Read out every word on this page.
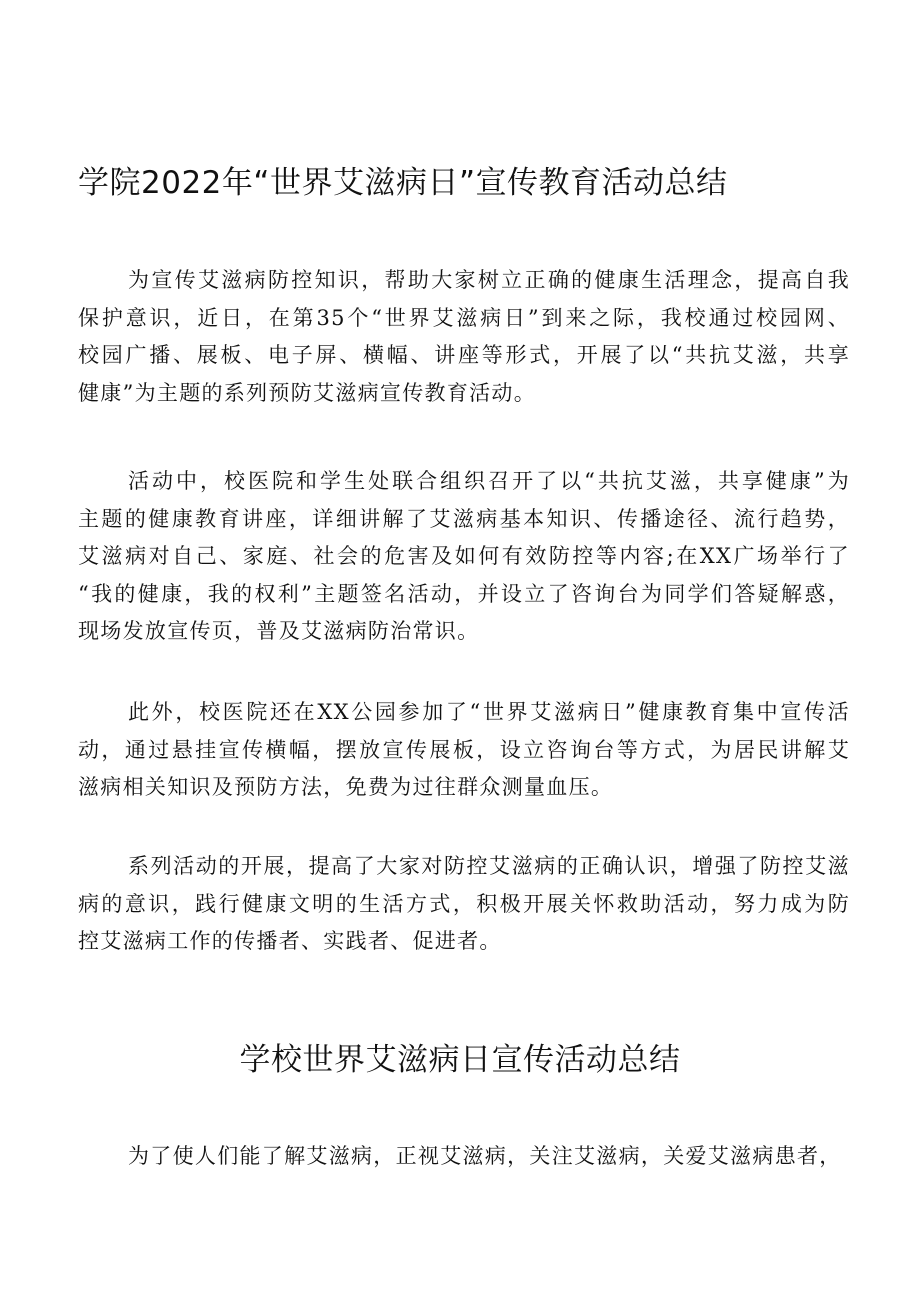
学院2022年“世界艾滋病日”宣传教育活动总结
为宣传艾滋病防控知识，帮助大家树立正确的健康生活理念，提高自我
保护意识，近日，在第35个“世界艾滋病日”到来之际，我校通过校园网、
校园广播、展板、电子屏、横幅、讲座等形式，开展了以“共抗艾滋，共享
健康”为主题的系列预防艾滋病宣传教育活动。
活动中，校医院和学生处联合组织召开了以“共抗艾滋，共享健康”为
主题的健康教育讲座，详细讲解了艾滋病基本知识、传播途径、流行趋势，
艾滋病对自己、家庭、社会的危害及如何有效防控等内容;在XX广场举行了
“我的健康，我的权利”主题签名活动，并设立了咨询台为同学们答疑解惑，
现场发放宣传页，普及艾滋病防治常识。
此外，校医院还在XX公园参加了“世界艾滋病日”健康教育集中宣传活
动，通过悬挂宣传横幅，摆放宣传展板，设立咨询台等方式，为居民讲解艾
滋病相关知识及预防方法，免费为过往群众测量血压。
系列活动的开展，提高了大家对防控艾滋病的正确认识，增强了防控艾滋
病的意识，践行健康文明的生活方式，积极开展关怀救助活动，努力成为防
控艾滋病工作的传播者、实践者、促进者。
学校世界艾滋病日宣传活动总结
为了使人们能了解艾滋病，正视艾滋病，关注艾滋病，关爱艾滋病患者，
